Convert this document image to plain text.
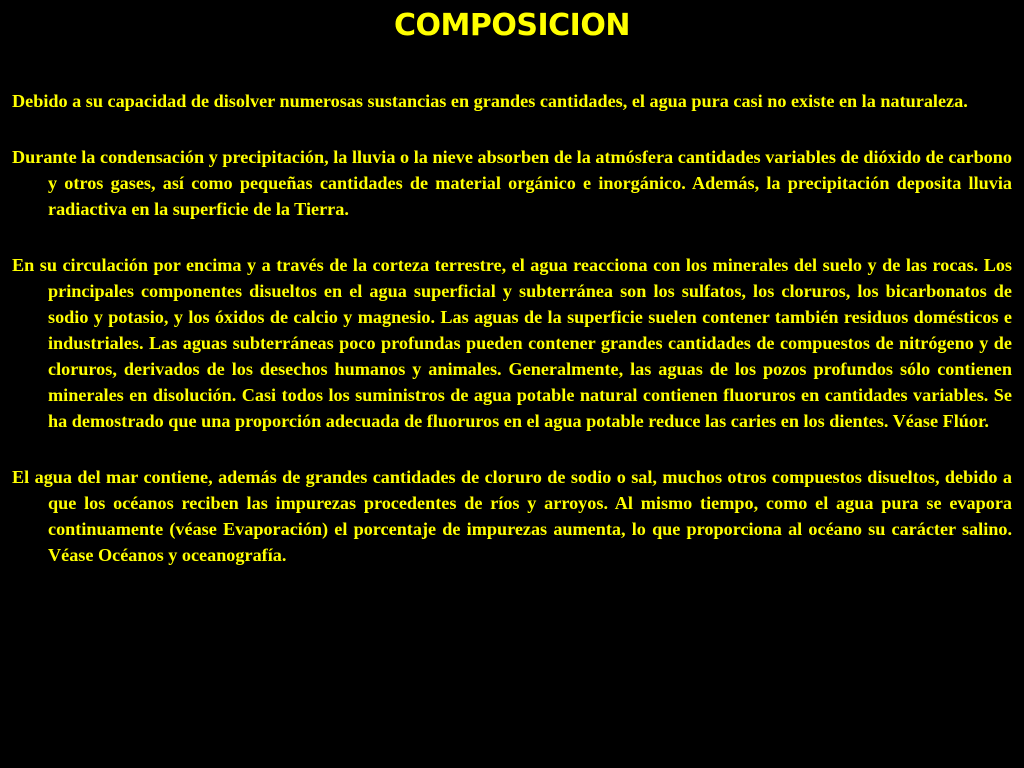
COMPOSICION

Debido a su capacidad de disolver numerosas sustancias en grandes cantidades, el agua pura casi no existe en la naturaleza.

Durante la condensación y precipitación, la lluvia o la nieve absorben de la atmósfera cantidades variables de dióxido de carbono y otros gases, así como pequeñas cantidades de material orgánico e inorgánico. Además, la precipitación deposita lluvia radiactiva en la superficie de la Tierra.

En su circulación por encima y a través de la corteza terrestre, el agua reacciona con los minerales del suelo y de las rocas. Los principales componentes disueltos en el agua superficial y subterránea son los sulfatos, los cloruros, los bicarbonatos de sodio y potasio, y los óxidos de calcio y magnesio. Las aguas de la superficie suelen contener también residuos domésticos e industriales. Las aguas subterráneas poco profundas pueden contener grandes cantidades de compuestos de nitrógeno y de cloruros, derivados de los desechos humanos y animales. Generalmente, las aguas de los pozos profundos sólo contienen minerales en disolución. Casi todos los suministros de agua potable natural contienen fluoruros en cantidades variables. Se ha demostrado que una proporción adecuada de fluoruros en el agua potable reduce las caries en los dientes. Véase Flúor.

El agua del mar contiene, además de grandes cantidades de cloruro de sodio o sal, muchos otros compuestos disueltos, debido a que los océanos reciben las impurezas procedentes de ríos y arroyos. Al mismo tiempo, como el agua pura se evapora continuamente (véase Evaporación) el porcentaje de impurezas aumenta, lo que proporciona al océano su carácter salino. Véase Océanos y oceanografía.
